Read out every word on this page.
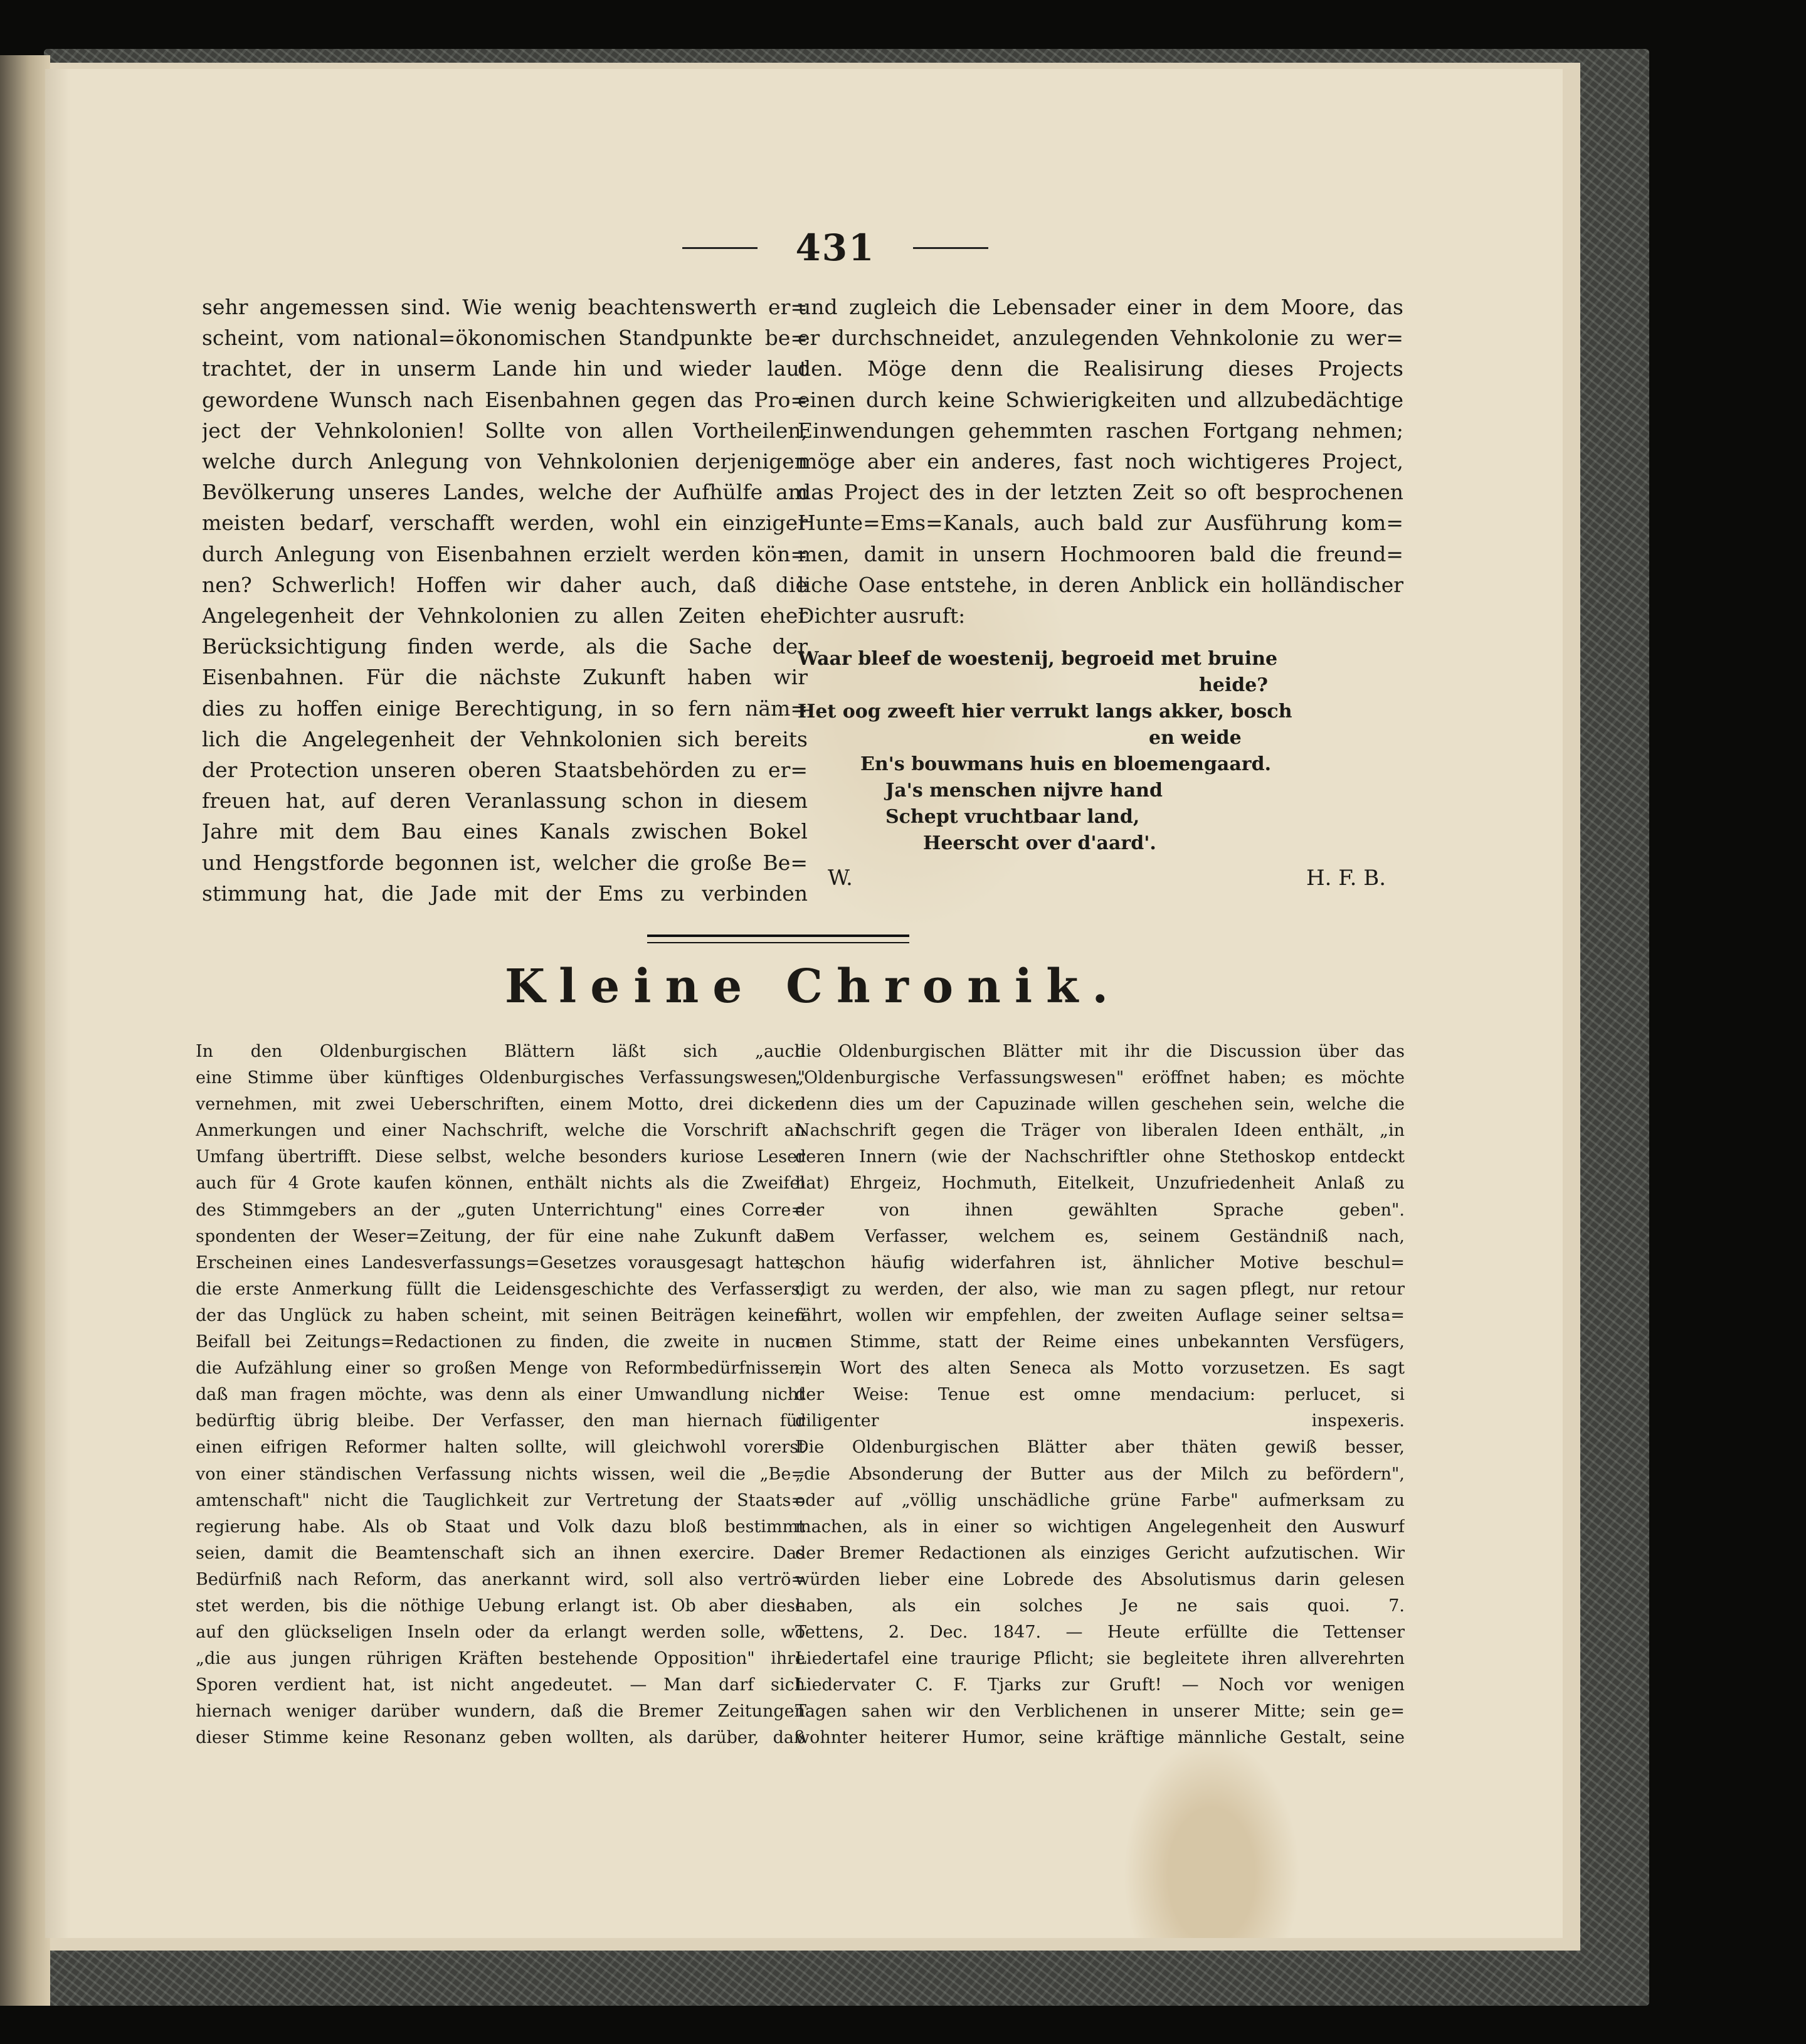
431
sehr angemessen sind. Wie wenig beachtenswerth er=
scheint, vom national=ökonomischen Standpunkte be=
trachtet, der in unserm Lande hin und wieder laut
gewordene Wunsch nach Eisenbahnen gegen das Pro=
ject der Vehnkolonien! Sollte von allen Vortheilen,
welche durch Anlegung von Vehnkolonien derjenigen
Bevölkerung unseres Landes, welche der Aufhülfe am
meisten bedarf, verschafft werden, wohl ein einziger
durch Anlegung von Eisenbahnen erzielt werden kön=
nen? Schwerlich! Hoffen wir daher auch, daß die
Angelegenheit der Vehnkolonien zu allen Zeiten eher
Berücksichtigung finden werde, als die Sache der
Eisenbahnen. Für die nächste Zukunft haben wir
dies zu hoffen einige Berechtigung, in so fern näm=
lich die Angelegenheit der Vehnkolonien sich bereits
der Protection unseren oberen Staatsbehörden zu er=
freuen hat, auf deren Veranlassung schon in diesem
Jahre mit dem Bau eines Kanals zwischen Bokel
und Hengstforde begonnen ist, welcher die große Be=
stimmung hat, die Jade mit der Ems zu verbinden
und zugleich die Lebensader einer in dem Moore, das
er durchschneidet, anzulegenden Vehnkolonie zu wer=
den. Möge denn die Realisirung dieses Projects
einen durch keine Schwierigkeiten und allzubedächtige
Einwendungen gehemmten raschen Fortgang nehmen;
möge aber ein anderes, fast noch wichtigeres Project,
das Project des in der letzten Zeit so oft besprochenen
Hunte=Ems=Kanals, auch bald zur Ausführung kom=
men, damit in unsern Hochmooren bald die freund=
liche Oase entstehe, in deren Anblick ein holländischer
Dichter ausruft:
Waar bleef de woestenij, begroeid met bruine
heide?
Het oog zweeft hier verrukt langs akker, bosch
en weide
En's bouwmans huis en bloemengaard.
Ja's menschen nijvre hand
Schept vruchtbaar land,
Heerscht over d'aard'.
W.	H. F. B.
Kleine Chronik.
In den Oldenburgischen Blättern läßt sich „auch
eine Stimme über künftiges Oldenburgisches Verfassungswesen"
vernehmen, mit zwei Ueberschriften, einem Motto, drei dicken
Anmerkungen und einer Nachschrift, welche die Vorschrift an
Umfang übertrifft. Diese selbst, welche besonders kuriose Leser
auch für 4 Grote kaufen können, enthält nichts als die Zweifel
des Stimmgebers an der „guten Unterrichtung" eines Corre=
spondenten der Weser=Zeitung, der für eine nahe Zukunft das
Erscheinen eines Landesverfassungs=Gesetzes vorausgesagt hatte;
die erste Anmerkung füllt die Leidensgeschichte des Verfassers,
der das Unglück zu haben scheint, mit seinen Beiträgen keinen
Beifall bei Zeitungs=Redactionen zu finden, die zweite in nuce
die Aufzählung einer so großen Menge von Reformbedürfnissen,
daß man fragen möchte, was denn als einer Umwandlung nicht
bedürftig übrig bleibe. Der Verfasser, den man hiernach für
einen eifrigen Reformer halten sollte, will gleichwohl vorerst
von einer ständischen Verfassung nichts wissen, weil die „Be=
amtenschaft" nicht die Tauglichkeit zur Vertretung der Staats=
regierung habe. Als ob Staat und Volk dazu bloß bestimmt
seien, damit die Beamtenschaft sich an ihnen exercire. Das
Bedürfniß nach Reform, das anerkannt wird, soll also vertrö=
stet werden, bis die nöthige Uebung erlangt ist. Ob aber diese
auf den glückseligen Inseln oder da erlangt werden solle, wo
„die aus jungen rührigen Kräften bestehende Opposition" ihre
Sporen verdient hat, ist nicht angedeutet. — Man darf sich
hiernach weniger darüber wundern, daß die Bremer Zeitungen
dieser Stimme keine Resonanz geben wollten, als darüber, daß
die Oldenburgischen Blätter mit ihr die Discussion über das
„Oldenburgische Verfassungswesen" eröffnet haben; es möchte
denn dies um der Capuzinade willen geschehen sein, welche die
Nachschrift gegen die Träger von liberalen Ideen enthält, „in
deren Innern (wie der Nachschriftler ohne Stethoskop entdeckt
hat) Ehrgeiz, Hochmuth, Eitelkeit, Unzufriedenheit Anlaß zu
der von ihnen gewählten Sprache geben".
Dem Verfasser, welchem es, seinem Geständniß nach,
schon häufig widerfahren ist, ähnlicher Motive beschul=
digt zu werden, der also, wie man zu sagen pflegt, nur retour
fährt, wollen wir empfehlen, der zweiten Auflage seiner seltsa=
men Stimme, statt der Reime eines unbekannten Versfügers,
ein Wort des alten Seneca als Motto vorzusetzen. Es sagt
der Weise: Tenue est omne mendacium: perlucet, si
diligenter inspexeris.
Die Oldenburgischen Blätter aber thäten gewiß besser,
„die Absonderung der Butter aus der Milch zu befördern",
oder auf „völlig unschädliche grüne Farbe" aufmerksam zu
machen, als in einer so wichtigen Angelegenheit den Auswurf
der Bremer Redactionen als einziges Gericht aufzutischen. Wir
würden lieber eine Lobrede des Absolutismus darin gelesen
haben, als ein solches Je ne sais quoi. 7.
Tettens, 2. Dec. 1847. — Heute erfüllte die Tettenser
Liedertafel eine traurige Pflicht; sie begleitete ihren allverehrten
Liedervater C. F. Tjarks zur Gruft! — Noch vor wenigen
Tagen sahen wir den Verblichenen in unserer Mitte; sein ge=
wohnter heiterer Humor, seine kräftige männliche Gestalt, seine
